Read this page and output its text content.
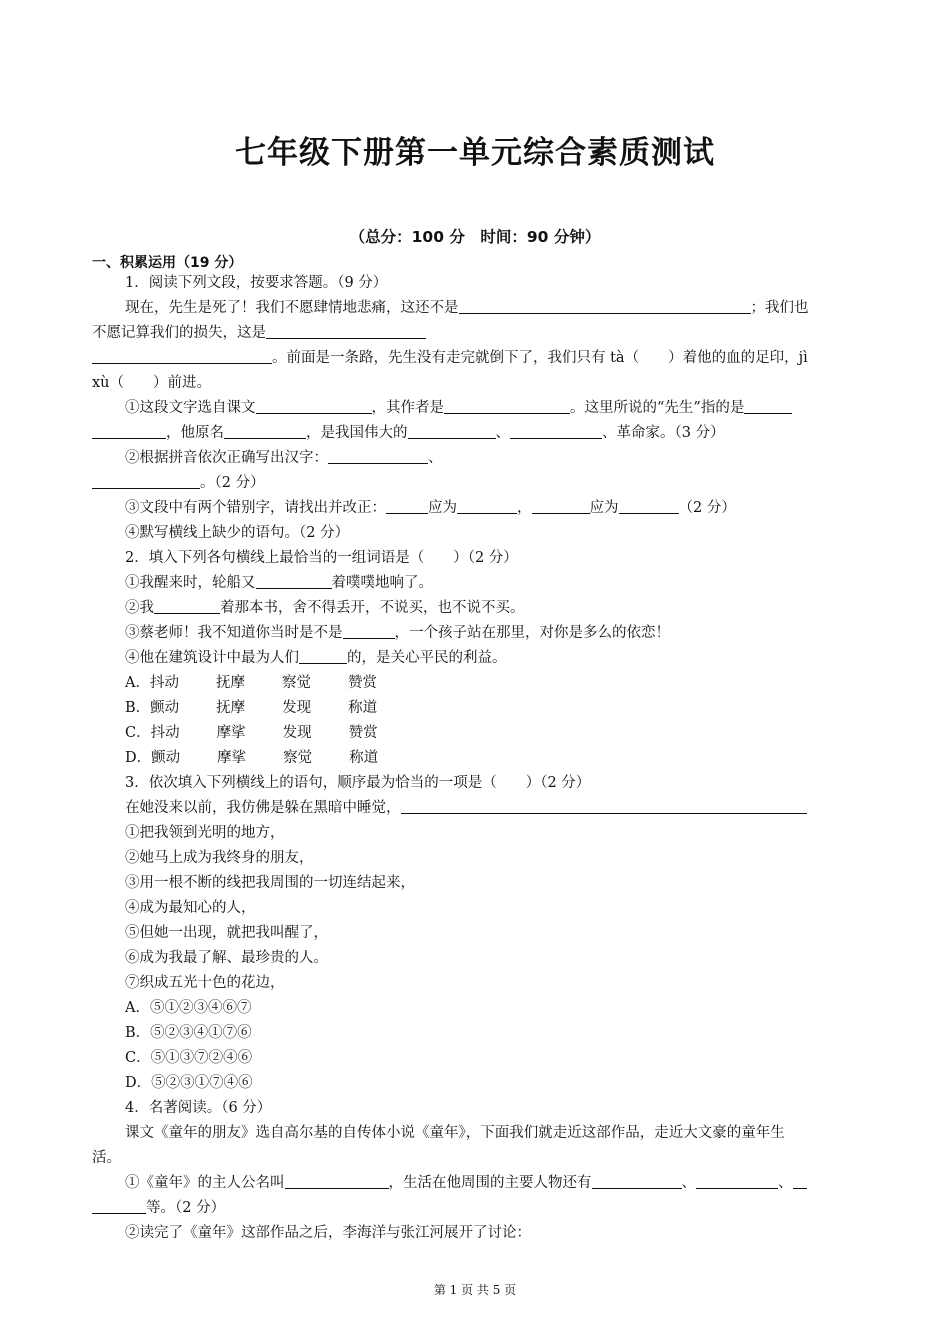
七年级下册第一单元综合素质测试
（总分：100 分　时间：90 分钟）
一、积累运用（19 分）
1．阅读下列文段，按要求答题。（9 分）
现在，先生是死了！我们不愿肆情地悲痛，这还不是	；我们也
不愿记算我们的损失，这是
。前面是一条路，先生没有走完就倒下了，我们只有 tà（　　）着他的血的足印，jì
xù（　　）前进。
①这段文字选自课文	，其作者是	。这里所说的“先生”指的是
，他原名	，是我国伟大的	、	、革命家。（3 分）
②根据拼音依次正确写出汉字：	、
。（2 分）
③文段中有两个错别字，请找出并改正：	应为	，	应为	（2 分）
④默写横线上缺少的语句。（2 分）
2．填入下列各句横线上最恰当的一组词语是（　　）（2 分）
①我醒来时，轮船又	着噗噗地响了。
②我	着那本书，舍不得丢开，不说买，也不说不买。
③蔡老师！我不知道你当时是不是	，一个孩子站在那里，对你是多么的依恋！
④他在建筑设计中最为人们	的，是关心平民的利益。
A．抖动	抚摩	察觉	赞赏
B．颤动	抚摩	发现	称道
C．抖动	摩挲	发现	赞赏
D．颤动	摩挲	察觉	称道
3．依次填入下列横线上的语句，顺序最为恰当的一项是（　　）（2 分）
在她没来以前，我仿佛是躲在黑暗中睡觉，
①把我领到光明的地方，
②她马上成为我终身的朋友，
③用一根不断的线把我周围的一切连结起来，
④成为最知心的人，
⑤但她一出现，就把我叫醒了，
⑥成为我最了解、最珍贵的人。
⑦织成五光十色的花边，
A．⑤①②③④⑥⑦
B．⑤②③④①⑦⑥
C．⑤①③⑦②④⑥
D．⑤②③①⑦④⑥
4．名著阅读。（6 分）
课文《童年的朋友》选自高尔基的自传体小说《童年》，下面我们就走近这部作品，走近大文豪的童年生
活。
①《童年》的主人公名叫	，生活在他周围的主要人物还有	、	、
等。（2 分）
②读完了《童年》这部作品之后，李海洋与张江河展开了讨论：
第 1 页 共 5 页
